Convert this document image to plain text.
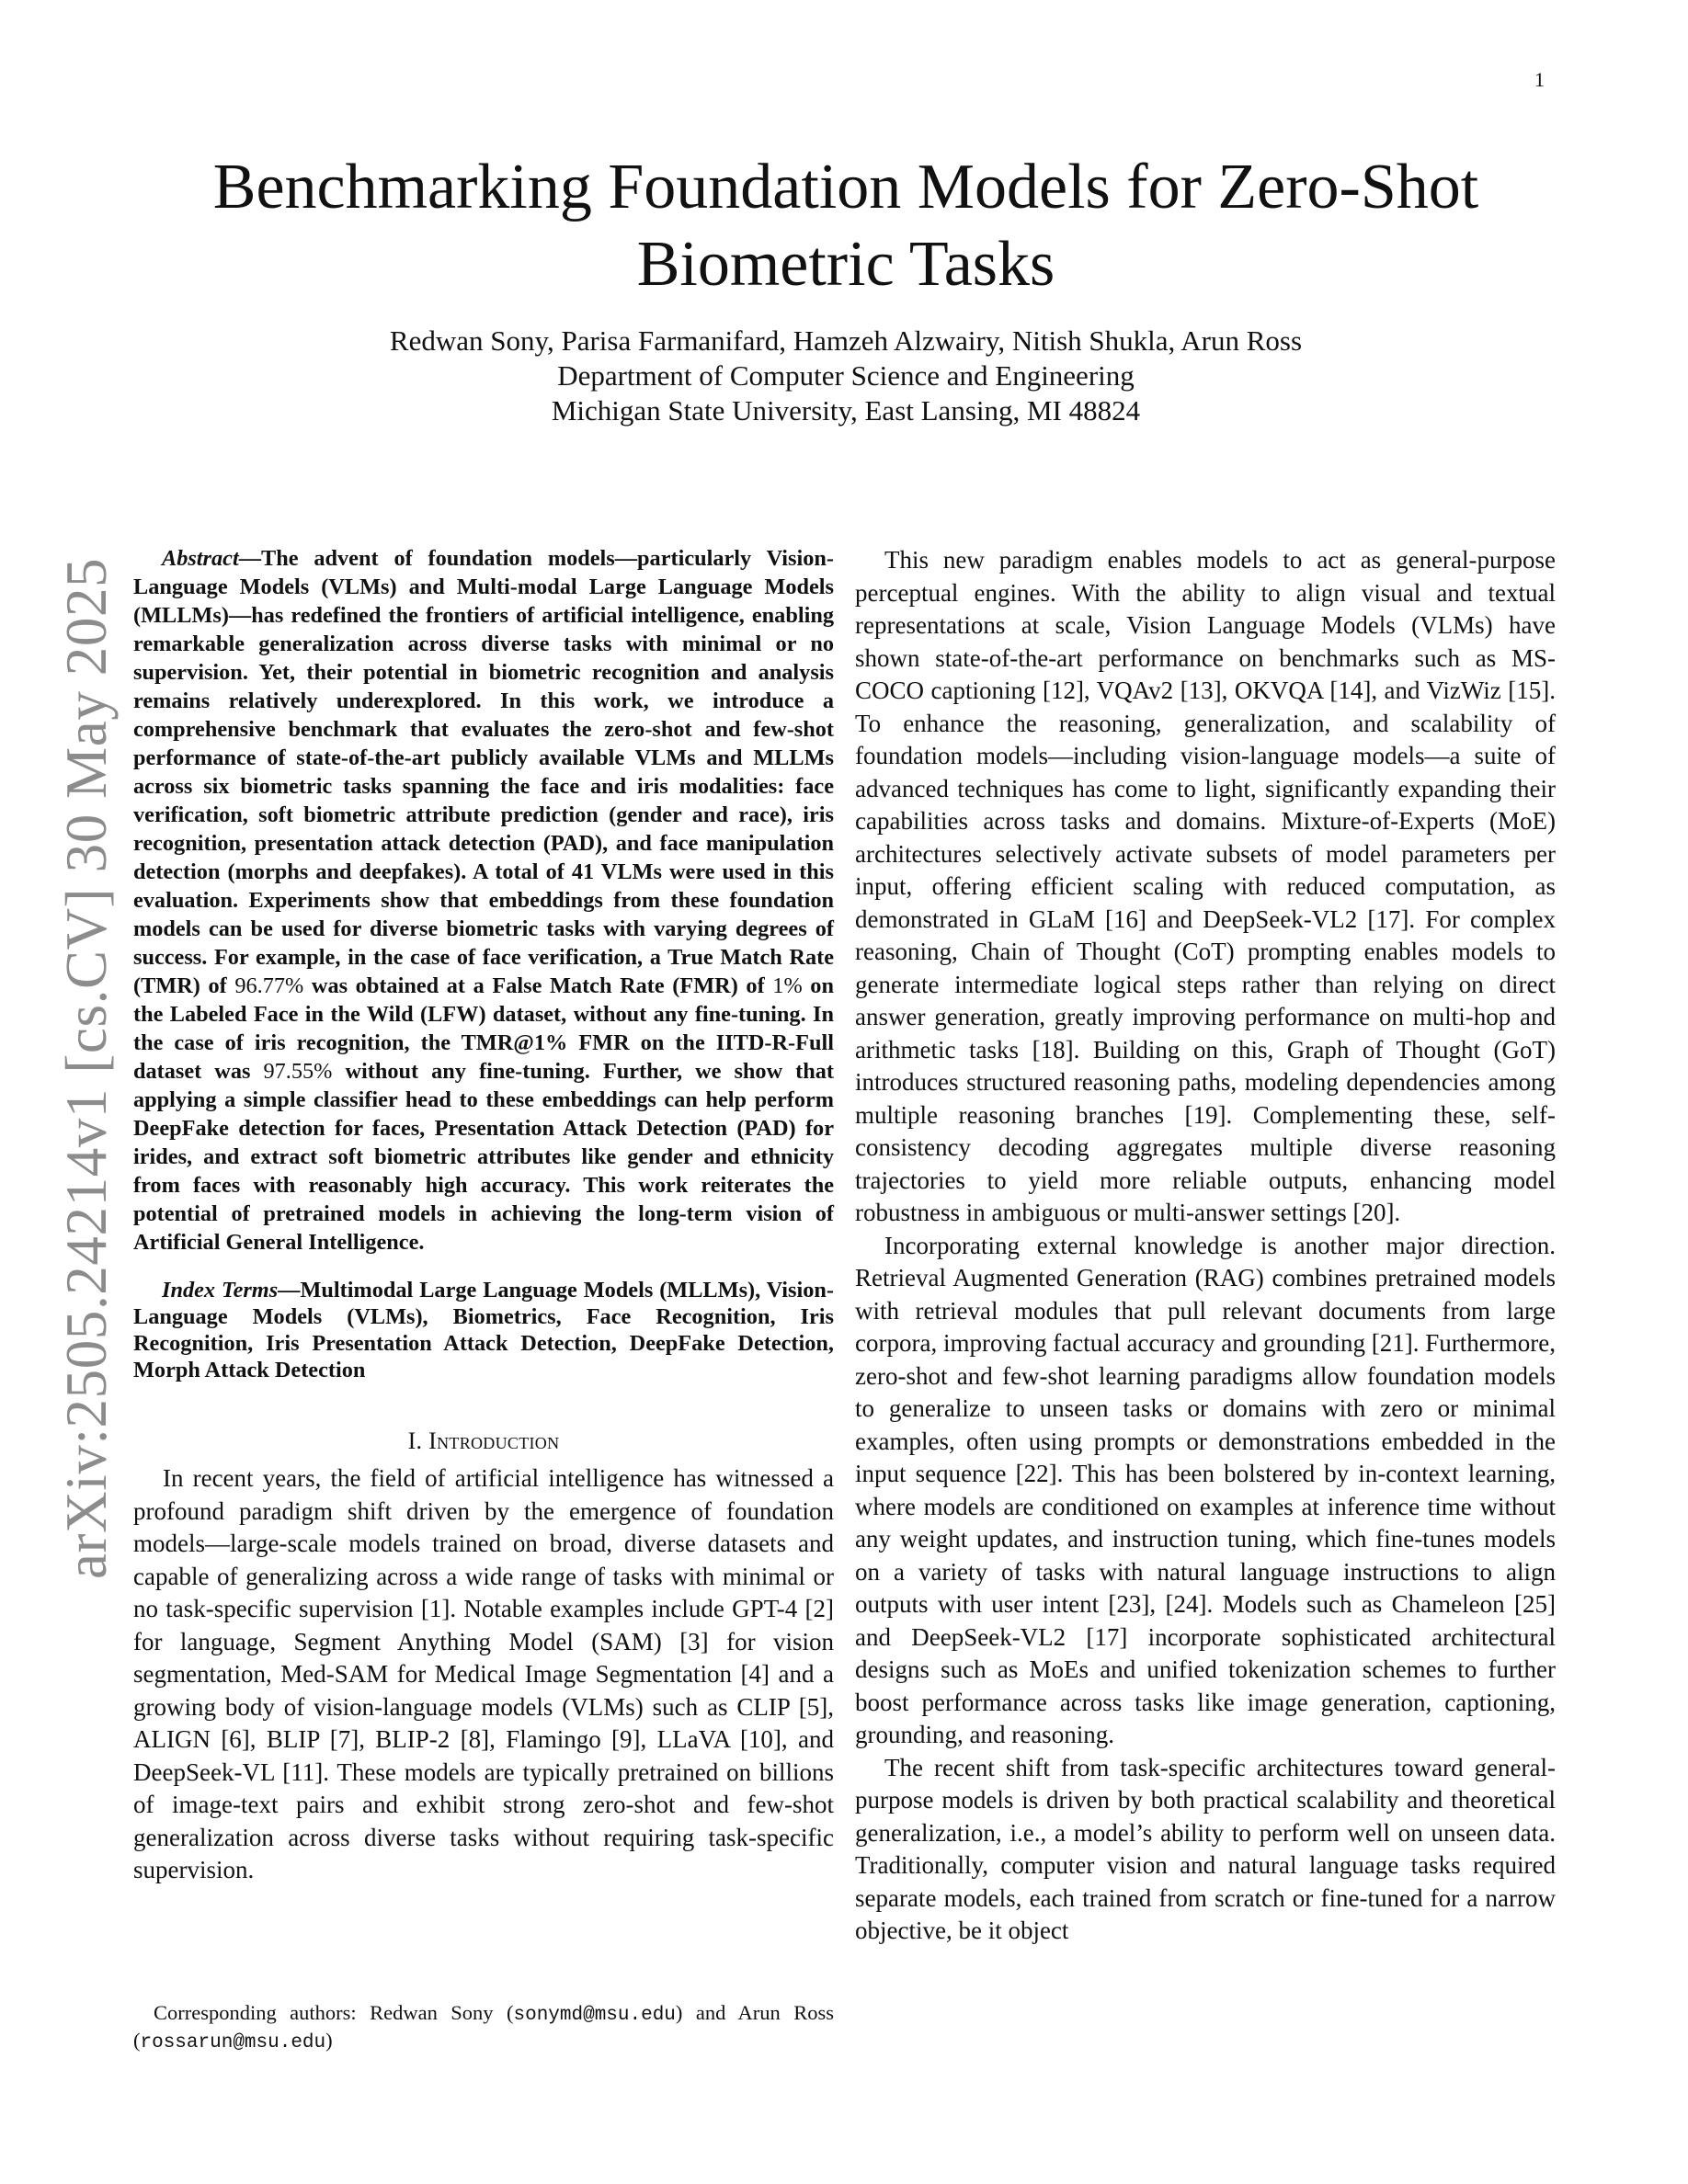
1
arXiv:2505.24214v1 [cs.CV] 30 May 2025
Benchmarking Foundation Models for Zero-Shot Biometric Tasks
Redwan Sony, Parisa Farmanifard, Hamzeh Alzwairy, Nitish Shukla, Arun Ross
Department of Computer Science and Engineering
Michigan State University, East Lansing, MI 48824

Abstract—The advent of foundation models—particularly Vision-Language Models (VLMs) and Multi-modal Large Language Models (MLLMs)—has redefined the frontiers of artificial intelligence, enabling remarkable generalization across diverse tasks with minimal or no supervision. Yet, their potential in biometric recognition and analysis remains relatively underexplored. In this work, we introduce a comprehensive benchmark that evaluates the zero-shot and few-shot performance of state-of-the-art publicly available VLMs and MLLMs across six biometric tasks spanning the face and iris modalities: face verification, soft biometric attribute prediction (gender and race), iris recognition, presentation attack detection (PAD), and face manipulation detection (morphs and deepfakes). A total of 41 VLMs were used in this evaluation. Experiments show that embeddings from these foundation models can be used for diverse biometric tasks with varying degrees of success. For example, in the case of face verification, a True Match Rate (TMR) of 96.77% was obtained at a False Match Rate (FMR) of 1% on the Labeled Face in the Wild (LFW) dataset, without any fine-tuning. In the case of iris recognition, the TMR@1% FMR on the IITD-R-Full dataset was 97.55% without any fine-tuning. Further, we show that applying a simple classifier head to these embeddings can help perform DeepFake detection for faces, Presentation Attack Detection (PAD) for irides, and extract soft biometric attributes like gender and ethnicity from faces with reasonably high accuracy. This work reiterates the potential of pretrained models in achieving the long-term vision of Artificial General Intelligence.

Index Terms—Multimodal Large Language Models (MLLMs), Vision-Language Models (VLMs), Biometrics, Face Recognition, Iris Recognition, Iris Presentation Attack Detection, DeepFake Detection, Morph Attack Detection

I. Introduction

In recent years, the field of artificial intelligence has witnessed a profound paradigm shift driven by the emergence of foundation models—large-scale models trained on broad, diverse datasets and capable of generalizing across a wide range of tasks with minimal or no task-specific supervision [1]. Notable examples include GPT-4 [2] for language, Segment Anything Model (SAM) [3] for vision segmentation, Med-SAM for Medical Image Segmentation [4] and a growing body of vision-language models (VLMs) such as CLIP [5], ALIGN [6], BLIP [7], BLIP-2 [8], Flamingo [9], LLaVA [10], and DeepSeek-VL [11]. These models are typically pretrained on billions of image-text pairs and exhibit strong zero-shot and few-shot generalization across diverse tasks without requiring task-specific supervision.

Corresponding authors: Redwan Sony (sonymd@msu.edu) and Arun Ross (rossarun@msu.edu)

This new paradigm enables models to act as general-purpose perceptual engines. With the ability to align visual and textual representations at scale, Vision Language Models (VLMs) have shown state-of-the-art performance on benchmarks such as MS-COCO captioning [12], VQAv2 [13], OKVQA [14], and VizWiz [15]. To enhance the reasoning, generalization, and scalability of foundation models—including vision-language models—a suite of advanced techniques has come to light, significantly expanding their capabilities across tasks and domains. Mixture-of-Experts (MoE) architectures selectively activate subsets of model parameters per input, offering efficient scaling with reduced computation, as demonstrated in GLaM [16] and DeepSeek-VL2 [17]. For complex reasoning, Chain of Thought (CoT) prompting enables models to generate intermediate logical steps rather than relying on direct answer generation, greatly improving performance on multi-hop and arithmetic tasks [18]. Building on this, Graph of Thought (GoT) introduces structured reasoning paths, modeling dependencies among multiple reasoning branches [19]. Complementing these, self-consistency decoding aggregates multiple diverse reasoning trajectories to yield more reliable outputs, enhancing model robustness in ambiguous or multi-answer settings [20].

Incorporating external knowledge is another major direction. Retrieval Augmented Generation (RAG) combines pretrained models with retrieval modules that pull relevant documents from large corpora, improving factual accuracy and grounding [21]. Furthermore, zero-shot and few-shot learning paradigms allow foundation models to generalize to unseen tasks or domains with zero or minimal examples, often using prompts or demonstrations embedded in the input sequence [22]. This has been bolstered by in-context learning, where models are conditioned on examples at inference time without any weight updates, and instruction tuning, which fine-tunes models on a variety of tasks with natural language instructions to align outputs with user intent [23], [24]. Models such as Chameleon [25] and DeepSeek-VL2 [17] incorporate sophisticated architectural designs such as MoEs and unified tokenization schemes to further boost performance across tasks like image generation, captioning, grounding, and reasoning.

The recent shift from task-specific architectures toward general-purpose models is driven by both practical scalability and theoretical generalization, i.e., a model’s ability to perform well on unseen data. Traditionally, computer vision and natural language tasks required separate models, each trained from scratch or fine-tuned for a narrow objective, be it object
